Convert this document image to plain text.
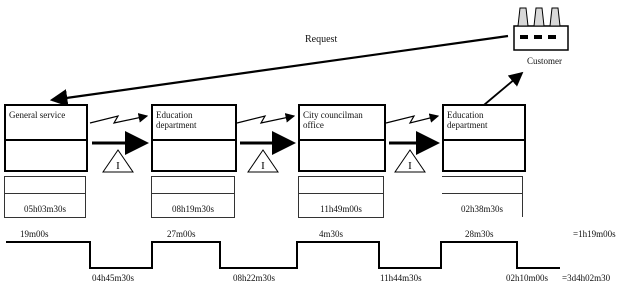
I	I	I
Request
Customer
General service	Education
department
City councilman
office
Education
department
05h03m30s	08h19m30s	11h49m00s	02h38m30s
19m00s	27m00s	4m30s	28m30s	=1h19m00s
04h45m30s	08h22m30s	11h44m30s	02h10m00s =3d4h02m30
